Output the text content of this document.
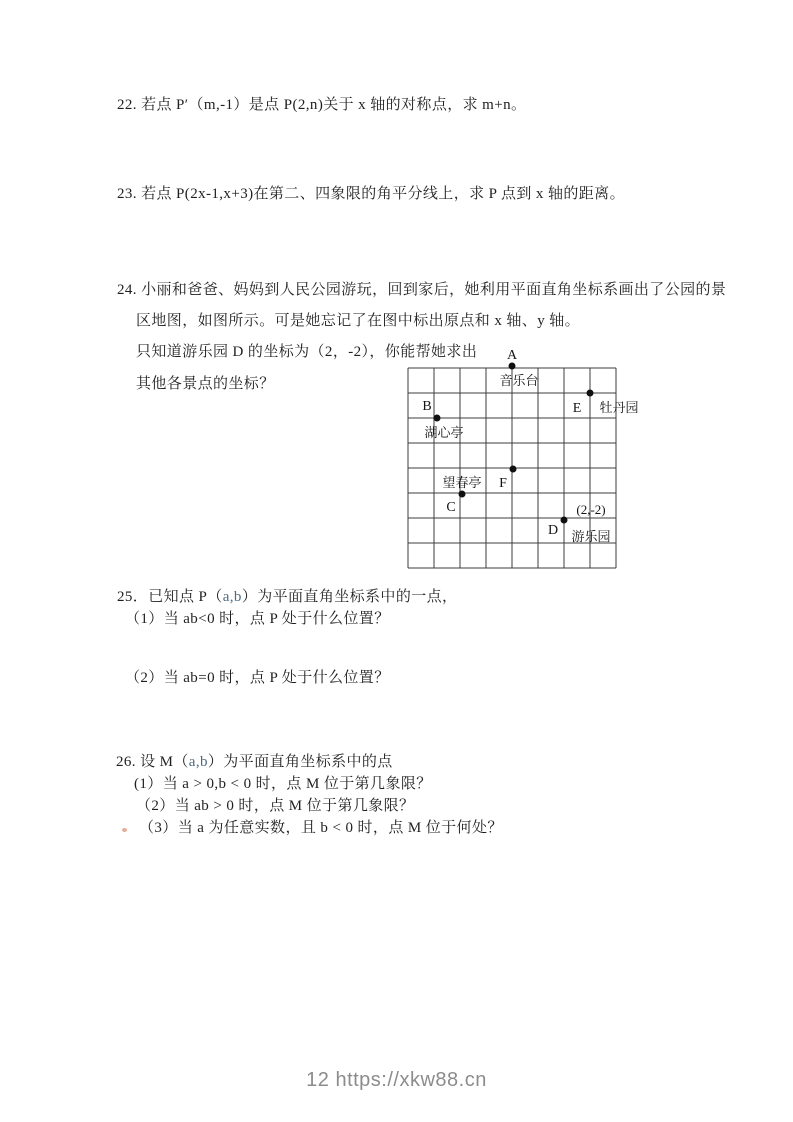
22. 若点 P′（m,-1）是点 P(2,n)关于 x 轴的对称点，求 m+n。
23. 若点 P(2x-1,x+3)在第二、四象限的角平分线上，求 P 点到 x 轴的距离。
24. 小丽和爸爸、妈妈到人民公园游玩，回到家后，她利用平面直角坐标系画出了公园的景
区地图，如图所示。可是她忘记了在图中标出原点和 x 轴、y 轴。
只知道游乐园 D 的坐标为（2，-2），你能帮她求出
其他各景点的坐标？
A
音乐台
B
湖心亭
E 牡丹园
F
望春亭
C	(2,-2)
D 游乐园
25．已知点 P（a,b）为平面直角坐标系中的一点，
（1）当 ab<0 时，点 P 处于什么位置？
（2）当 ab=0 时，点 P 处于什么位置？
26. 设 M（a,b）为平面直角坐标系中的点
(1）当 a > 0,b < 0 时，点 M 位于第几象限？
（2）当 ab > 0 时，点 M 位于第几象限？
（3）当 a 为任意实数，且 b < 0 时，点 M 位于何处？
12 https://xkw88.cn
